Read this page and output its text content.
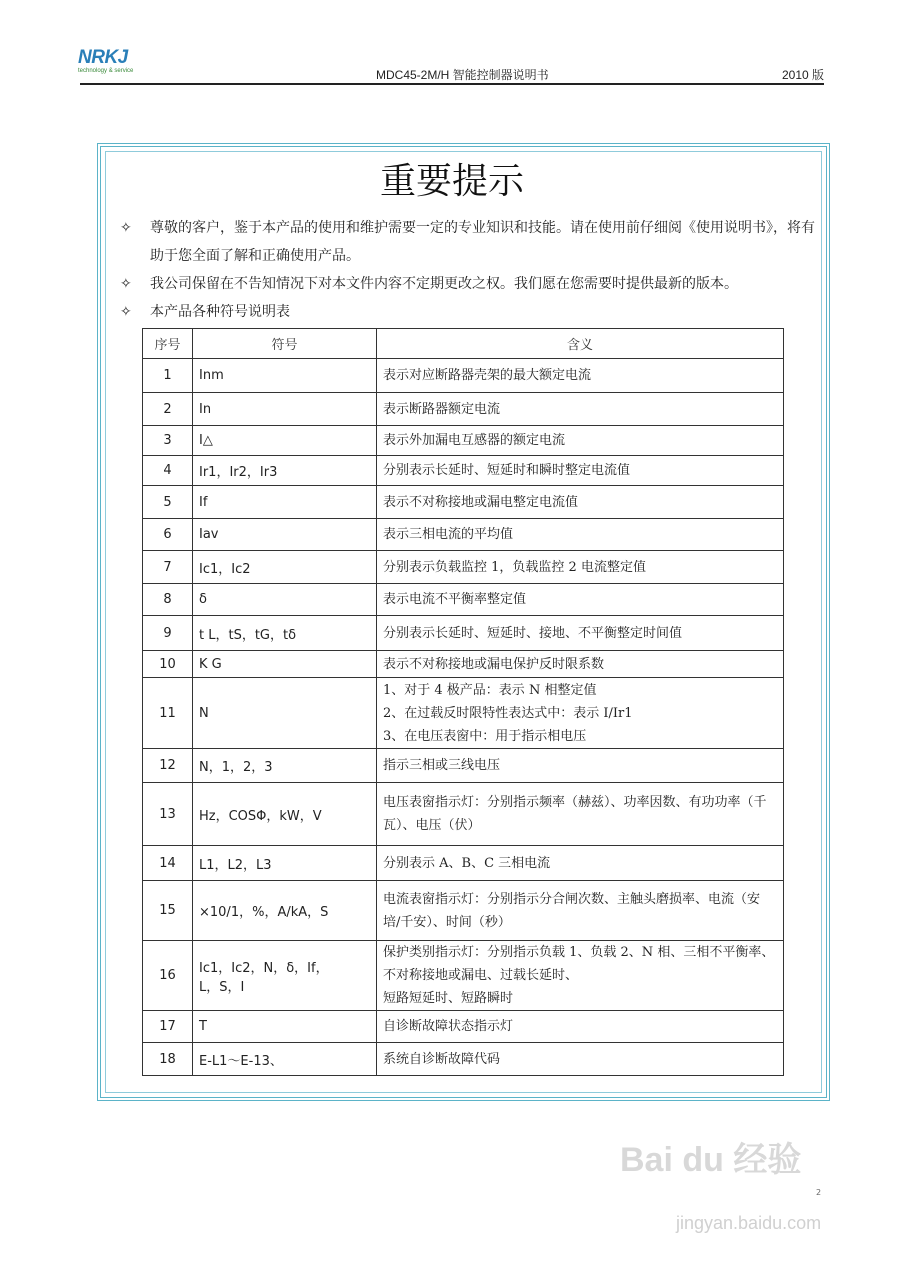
NRKJ
technology & service	MDC45-2M/H 智能控制器说明书	2010 版
重要提示
✧	尊敬的客户，鉴于本产品的使用和维护需要一定的专业知识和技能。请在使用前仔细阅《使用说明书》，将有助于您全面了解和正确使用产品。
✧	我公司保留在不告知情况下对本文件内容不定期更改之权。我们愿在您需要时提供最新的版本。
✧	本产品各种符号说明表
序号	符号	含义
1	Inm	表示对应断路器壳架的最大额定电流
2	In	表示断路器额定电流
3	I△	表示外加漏电互感器的额定电流
4	Ir1，Ir2，Ir3	分别表示长延时、短延时和瞬时整定电流值
5	If	表示不对称接地或漏电整定电流值
6	Iav	表示三相电流的平均值
7	Ic1，Ic2	分别表示负载监控 1，负载监控 2 电流整定值
8	δ	表示电流不平衡率整定值
9	t L，tS，tG，tδ	分别表示长延时、短延时、接地、不平衡整定时间值
10	K G	表示不对称接地或漏电保护反时限系数
11	N	1、对于 4 极产品：表示 N 相整定值
2、在过载反时限特性表达式中：表示 I/Ir1
3、在电压表窗中：用于指示相电压
12	N，1，2，3	指示三相或三线电压
13	Hz，COSΦ，kW，V	电压表窗指示灯：分别指示频率（赫兹）、功率因数、有功功率（千瓦）、电压（伏）
14	L1，L2，L3	分别表示 A、B、C 三相电流
15	×10/1，%，A/kA，S	电流表窗指示灯：分别指示分合闸次数、主触头磨损率、电流（安培/千安）、时间（秒）
16	Ic1，Ic2，N，δ，If，
L，S，I	保护类别指示灯：分别指示负载 1、负载 2、N 相、三相不平衡率、不对称接地或漏电、过载长延时、
短路短延时、短路瞬时
17	T	自诊断故障状态指示灯
18	E-L1～E-13、	系统自诊断故障代码
2
Bai du 经验
jingyan.baidu.com
